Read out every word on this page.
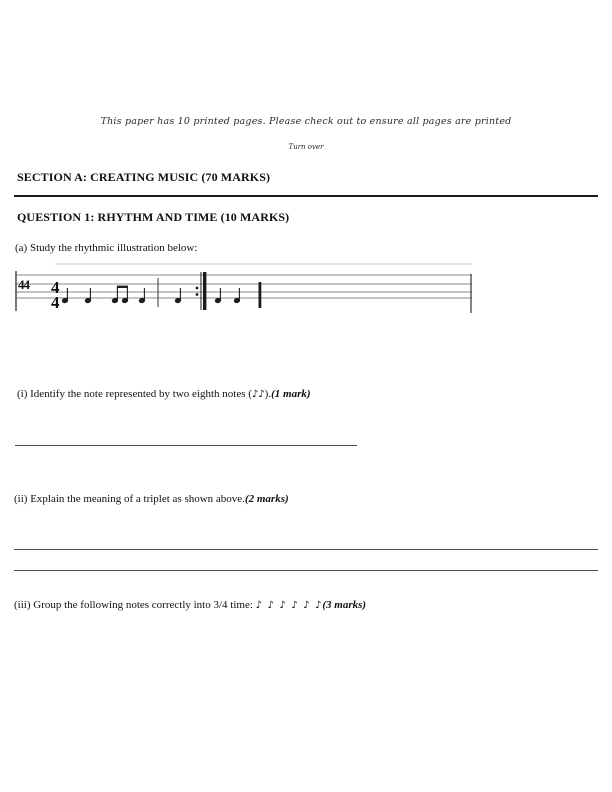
This paper has 10 printed pages. Please check out to ensure all pages are printed
Turn over
SECTION A: CREATING MUSIC (70 MARKS)
QUESTION 1: RHYTHM AND TIME (10 MARKS)
(a) Study the rhythmic illustration below:
44 4
4
(i) Identify the note represented by two eighth notes (♪♪).(1 mark)
(ii) Explain the meaning of a triplet as shown above.(2 marks)
(iii) Group the following notes correctly into 3/4 time: ♪ ♪ ♪ ♪ ♪ ♪(3 marks)
